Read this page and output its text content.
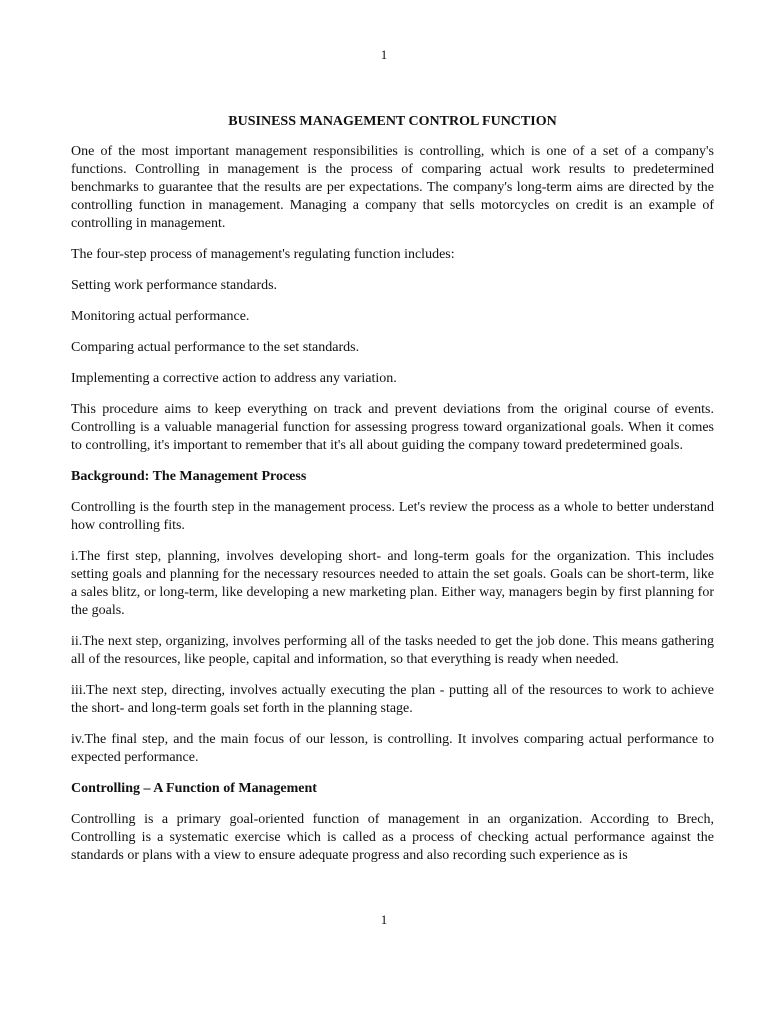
1
BUSINESS MANAGEMENT CONTROL FUNCTION

One of the most important management responsibilities is controlling, which is one of a set of a company's functions. Controlling in management is the process of comparing actual work results to predetermined benchmarks to guarantee that the results are per expectations. The company's long-term aims are directed by the controlling function in management. Managing a company that sells motorcycles on credit is an example of controlling in management.

The four-step process of management's regulating function includes:

Setting work performance standards.

Monitoring actual performance.

Comparing actual performance to the set standards.

Implementing a corrective action to address any variation.

This procedure aims to keep everything on track and prevent deviations from the original course of events. Controlling is a valuable managerial function for assessing progress toward organizational goals. When it comes to controlling, it's important to remember that it's all about guiding the company toward predetermined goals.

Background: The Management Process

Controlling is the fourth step in the management process. Let's review the process as a whole to better understand how controlling fits.

i.The first step, planning, involves developing short- and long-term goals for the organization. This includes setting goals and planning for the necessary resources needed to attain the set goals. Goals can be short-term, like a sales blitz, or long-term, like developing a new marketing plan. Either way, managers begin by first planning for the goals.

ii.The next step, organizing, involves performing all of the tasks needed to get the job done. This means gathering all of the resources, like people, capital and information, so that everything is ready when needed.

iii.The next step, directing, involves actually executing the plan - putting all of the resources to work to achieve the short- and long-term goals set forth in the planning stage.

iv.The final step, and the main focus of our lesson, is controlling. It involves comparing actual performance to expected performance.

Controlling – A Function of Management

Controlling is a primary goal-oriented function of management in an organization. According to Brech, Controlling is a systematic exercise which is called as a process of checking actual performance against the standards or plans with a view to ensure adequate progress and also recording such experience as is

1
